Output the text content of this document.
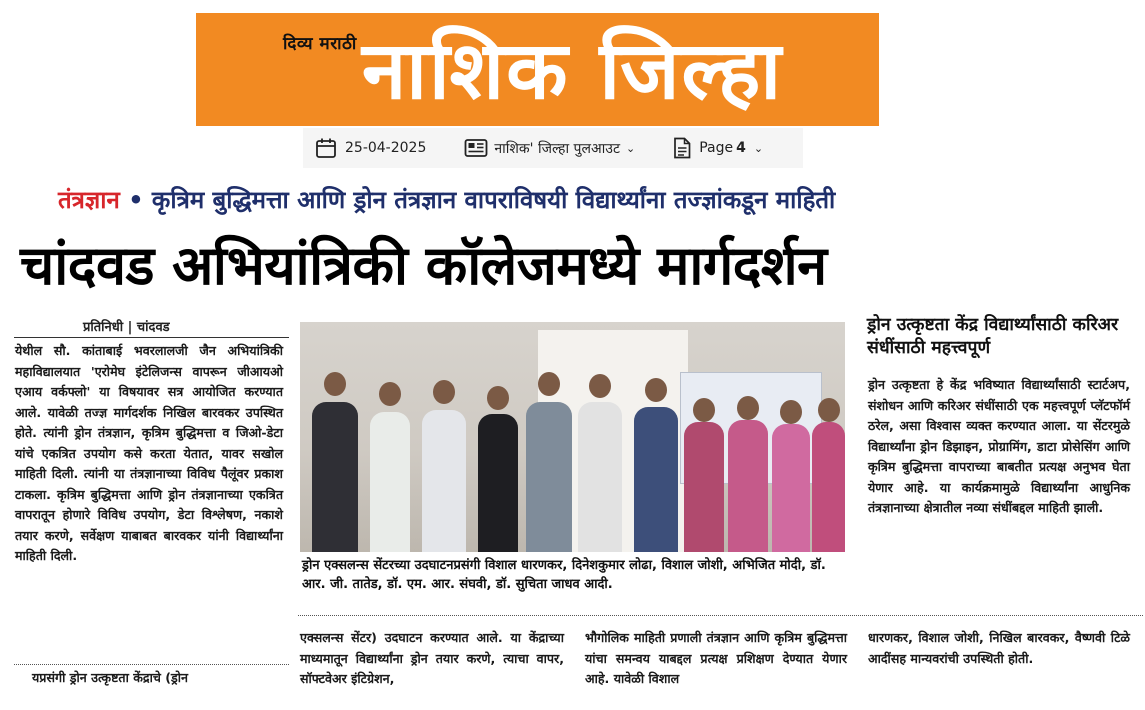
दिव्य मराठी नाशिक जिल्हा
25-04-2025	नाशिक' जिल्हा पुलआउट ⌄	Page 4 ⌄
तंत्रज्ञान • कृत्रिम बुद्धिमत्ता आणि ड्रोन तंत्रज्ञान वापराविषयी विद्यार्थ्यांना तज्ज्ञांकडून माहिती
चांदवड अभियांत्रिकी कॉलेजमध्ये मार्गदर्शन
प्रतिनिधी | चांदवड

येथील सौ. कांताबाई भवरलालजी जैन अभियांत्रिकी महाविद्यालयात 'एरोमेघ इंटेलिजन्स वापरून जीआयओ एआय वर्कफ्लो' या विषयावर सत्र आयोजित करण्यात आले. यावेळी तज्ज्ञ मार्गदर्शक निखिल बारवकर उपस्थित होते. त्यांनी ड्रोन तंत्रज्ञान, कृत्रिम बुद्धिमत्ता व जिओ-डेटा यांचे एकत्रित उपयोग कसे करता येतात, यावर सखोल माहिती दिली. त्यांनी या तंत्रज्ञानाच्या विविध पैलूंवर प्रकाश टाकला. कृत्रिम बुद्धिमत्ता आणि ड्रोन तंत्रज्ञानाच्या एकत्रित वापरातून होणारे विविध उपयोग, डेटा विश्लेषण, नकाशे तयार करणे, सर्वेक्षण याबाबत बारवकर यांनी विद्यार्थ्यांना माहिती दिली.

यप्रसंगी ड्रोन उत्कृष्टता केंद्राचे (ड्रोन

ड्रोन एक्सलन्स सेंटरच्या उदघाटनप्रसंगी विशाल धारणकर, दिनेशकुमार लोढा, विशाल जोशी, अभिजित मोदी, डॉ. आर. जी. तातेड, डॉ. एम. आर. संघवी, डॉ. सुचिता जाधव आदी.

एक्सलन्स सेंटर) उदघाटन करण्यात आले. या केंद्राच्या माध्यमातून विद्यार्थ्यांना ड्रोन तयार करणे, त्याचा वापर, सॉफ्टवेअर इंटिग्रेशन,

भौगोलिक माहिती प्रणाली तंत्रज्ञान आणि कृत्रिम बुद्धिमत्ता यांचा समन्वय याबद्दल प्रत्यक्ष प्रशिक्षण देण्यात येणार आहे. यावेळी विशाल

धारणकर, विशाल जोशी, निखिल बारवकर, वैष्णवी टिळे आदींसह मान्यवरांची उपस्थिती होती.

ड्रोन उत्कृष्टता केंद्र विद्यार्थ्यांसाठी करिअर संधींसाठी महत्त्वपूर्ण

ड्रोन उत्कृष्टता हे केंद्र भविष्यात विद्यार्थ्यांसाठी स्टार्टअप, संशोधन आणि करिअर संधींसाठी एक महत्त्वपूर्ण प्लॅटफॉर्म ठरेल, असा विश्वास व्यक्त करण्यात आला. या सेंटरमुळे विद्यार्थ्यांना ड्रोन डिझाइन, प्रोग्रामिंग, डाटा प्रोसेसिंग आणि कृत्रिम बुद्धिमत्ता वापराच्या बाबतीत प्रत्यक्ष अनुभव घेता येणार आहे. या कार्यक्रमामुळे विद्यार्थ्यांना आधुनिक तंत्रज्ञानाच्या क्षेत्रातील नव्या संधींबद्दल माहिती झाली.
